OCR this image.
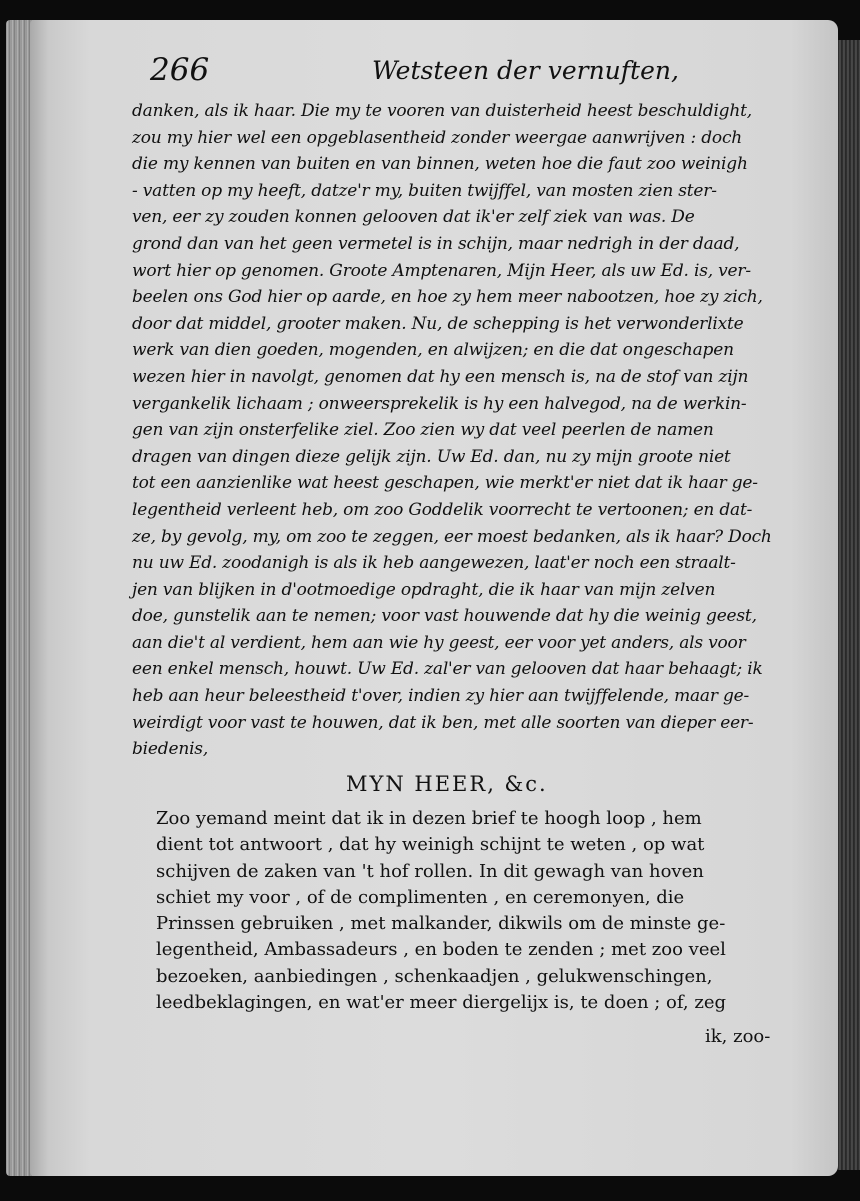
266	Wetsteen der vernuften,
danken, als ik haar. Die my te vooren van duisterheid heest beschuldight,
zou my hier wel een opgeblasentheid zonder weergae aanwrijven : doch
die my kennen van buiten en van binnen, weten hoe die faut zoo weinigh
- vatten op my heeft, datze'r my, buiten twijffel, van mosten zien ster-
ven, eer zy zouden konnen gelooven dat ik'er zelf ziek van was. De
grond dan van het geen vermetel is in schijn, maar nedrigh in der daad,
wort hier op genomen. Groote Amptenaren, Mijn Heer, als uw Ed. is, ver-
beelen ons God hier op aarde, en hoe zy hem meer nabootzen, hoe zy zich,
door dat middel, grooter maken. Nu, de schepping is het verwonderlixte
werk van dien goeden, mogenden, en alwijzen; en die dat ongeschapen
wezen hier in navolgt, genomen dat hy een mensch is, na de stof van zijn
vergankelik lichaam ; onweersprekelik is hy een halvegod, na de werkin-
gen van zijn onsterfelike ziel. Zoo zien wy dat veel peerlen de namen
dragen van dingen dieze gelijk zijn. Uw Ed. dan, nu zy mijn groote niet
tot een aanzienlike wat heest geschapen, wie merkt'er niet dat ik haar ge-
legentheid verleent heb, om zoo Goddelik voorrecht te vertoonen; en dat-
ze, by gevolg, my, om zoo te zeggen, eer moest bedanken, als ik haar? Doch
nu uw Ed. zoodanigh is als ik heb aangewezen, laat'er noch een straalt-
jen van blijken in d'ootmoedige opdraght, die ik haar van mijn zelven
doe, gunstelik aan te nemen; voor vast houwende dat hy die weinig geest,
aan die't al verdient, hem aan wie hy geest, eer voor yet anders, als voor
een enkel mensch, houwt. Uw Ed. zal'er van gelooven dat haar behaagt; ik
heb aan heur beleestheid t'over, indien zy hier aan twijffelende, maar ge-
weirdigt voor vast te houwen, dat ik ben, met alle soorten van dieper eer-
biedenis,
MYN HEER, &c.
Zoo yemand meint dat ik in dezen brief te hoogh loop , hem
dient tot antwoort , dat hy weinigh schijnt te weten , op wat
schijven de zaken van 't hof rollen. In dit gewagh van hoven
schiet my voor , of de complimenten , en ceremonyen, die
Prinssen gebruiken , met malkander, dikwils om de minste ge-
legentheid, Ambassadeurs , en boden te zenden ; met zoo veel
bezoeken, aanbiedingen , schenkaadjen , gelukwenschingen,
leedbeklagingen, en wat'er meer diergelijx is, te doen ; of, zeg
ik, zoo-
